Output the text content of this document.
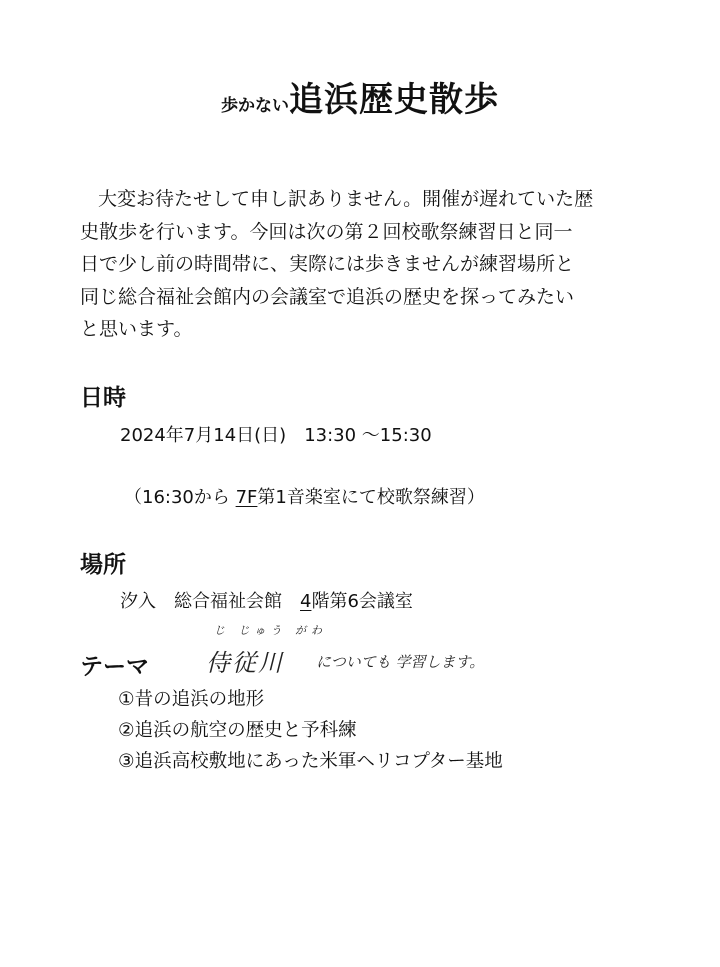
歩かない追浜歴史散歩
大変お待たせして申し訳ありません。開催が遅れていた歴
史散歩を行います。今回は次の第２回校歌祭練習日と同一
日で少し前の時間帯に、実際には歩きませんが練習場所と
同じ総合福祉会館内の会議室で追浜の歴史を探ってみたい
と思います。
日時
2024年7月14日(日)　13:30 ～15:30
（16:30から 7F第1音楽室にて校歌祭練習）
場所
汐入　総合福祉会館　4階第6会議室
テーマ
じ じゅう がわ
侍従川 についても 学習します。
①昔の追浜の地形
②追浜の航空の歴史と予科練
③追浜高校敷地にあった米軍ヘリコプター基地
